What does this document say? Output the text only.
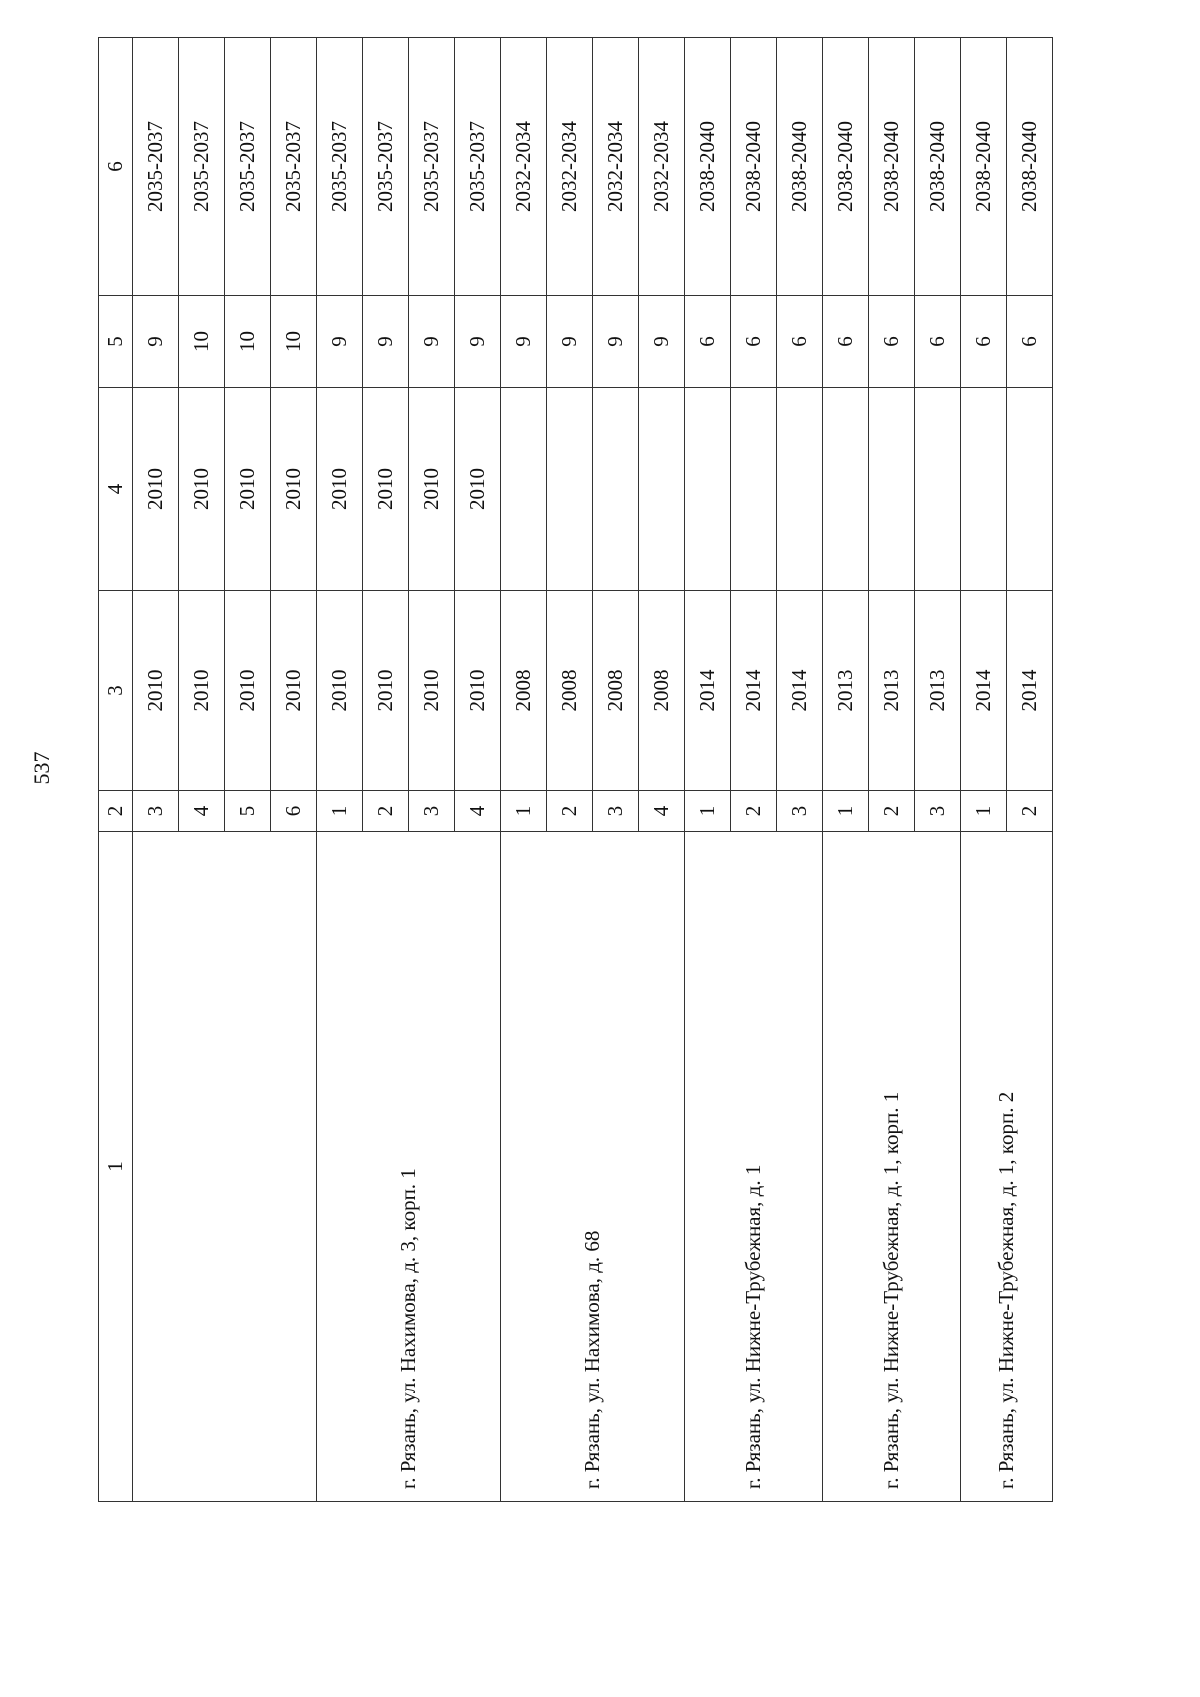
537
1	2	3	4	5	6
	3	2010	2010	9	2035-2037
	4	2010	2010	10	2035-2037
	5	2010	2010	10	2035-2037
	6	2010	2010	10	2035-2037
г. Рязань, ул. Нахимова, д. 3, корп. 1	1	2010	2010	9	2035-2037
	2	2010	2010	9	2035-2037
	3	2010	2010	9	2035-2037
	4	2010	2010	9	2035-2037
г. Рязань, ул. Нахимова, д. 68	1	2008		9	2032-2034
	2	2008		9	2032-2034
	3	2008		9	2032-2034
	4	2008		9	2032-2034
г. Рязань, ул. Нижне-Трубежная, д. 1	1	2014		6	2038-2040
	2	2014		6	2038-2040
	3	2014		6	2038-2040
г. Рязань, ул. Нижне-Трубежная, д. 1, корп. 1	1	2013		6	2038-2040
	2	2013		6	2038-2040
	3	2013		6	2038-2040
г. Рязань, ул. Нижне-Трубежная, д. 1, корп. 2	1	2014		6	2038-2040
	2	2014		6	2038-2040
